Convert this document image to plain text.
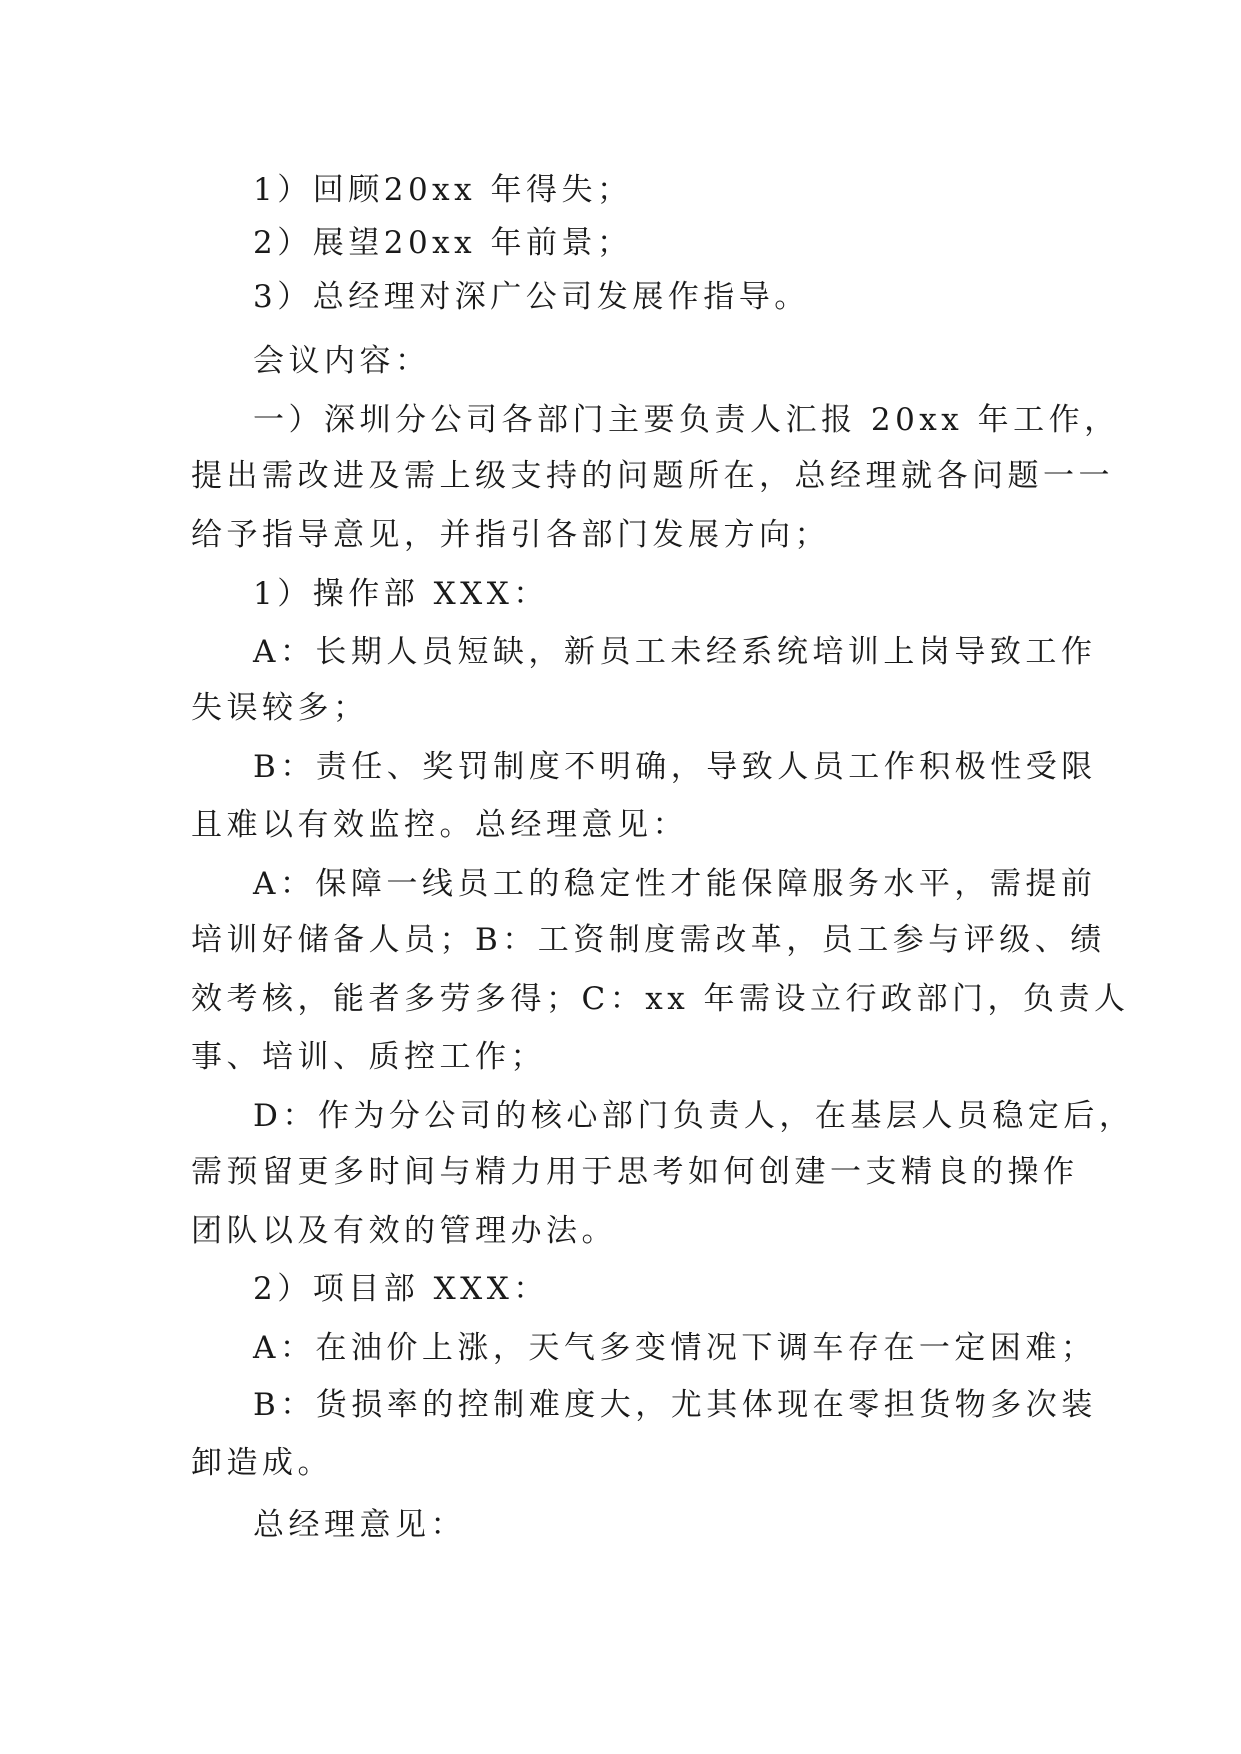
1）回顾20xx 年得失；
2）展望20xx 年前景；
3）总经理对深广公司发展作指导。
会议内容：
一）深圳分公司各部门主要负责人汇报 20xx 年工作，
提出需改进及需上级支持的问题所在，总经理就各问题一一
给予指导意见，并指引各部门发展方向；
1）操作部 XXX：
A：长期人员短缺，新员工未经系统培训上岗导致工作
失误较多；
B：责任、奖罚制度不明确，导致人员工作积极性受限
且难以有效监控。总经理意见：
A：保障一线员工的稳定性才能保障服务水平，需提前
培训好储备人员；B：工资制度需改革，员工参与评级、绩
效考核，能者多劳多得；C：xx 年需设立行政部门，负责人
事、培训、质控工作；
D：作为分公司的核心部门负责人，在基层人员稳定后，
需预留更多时间与精力用于思考如何创建一支精良的操作
团队以及有效的管理办法。
2）项目部 XXX：
A：在油价上涨，天气多变情况下调车存在一定困难；
B：货损率的控制难度大，尤其体现在零担货物多次装
卸造成。
总经理意见：
